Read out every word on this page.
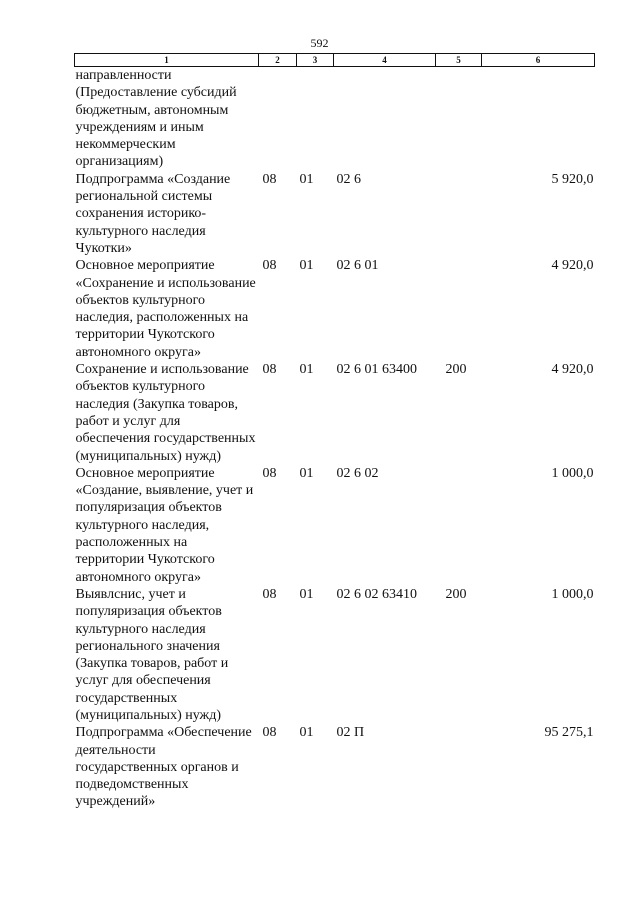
592
1	2	3	4	5	6
направленности (Предоставление субсидий бюджетным, автономным учреждениям и иным некоммерческим организациям)					
Подпрограмма «Создание региональной системы сохранения историко-культурного наследия Чукотки»	08	01	02 6		5 920,0
Основное мероприятие «Сохранение и использование объектов культурного наследия, расположенных на территории Чукотского автономного округа»	08	01	02 6 01		4 920,0
Сохранение и использование объектов культурного наследия (Закупка товаров, работ и услуг для обеспечения государственных (муниципальных) нужд)	08	01	02 6 01 63400	200	4 920,0
Основное мероприятие «Создание, выявление, учет и популяризация объектов культурного наследия, расположенных на территории Чукотского автономного округа»	08	01	02 6 02		1 000,0
Выявлснис, учет и популяризация объектов культурного наследия регионального значения (Закупка товаров, работ и услуг для обеспечения государственных (муниципальных) нужд)	08	01	02 6 02 63410	200	1 000,0
Подпрограмма «Обеспечение деятельности государственных органов и подведомственных учреждений»	08	01	02 П		95 275,1
